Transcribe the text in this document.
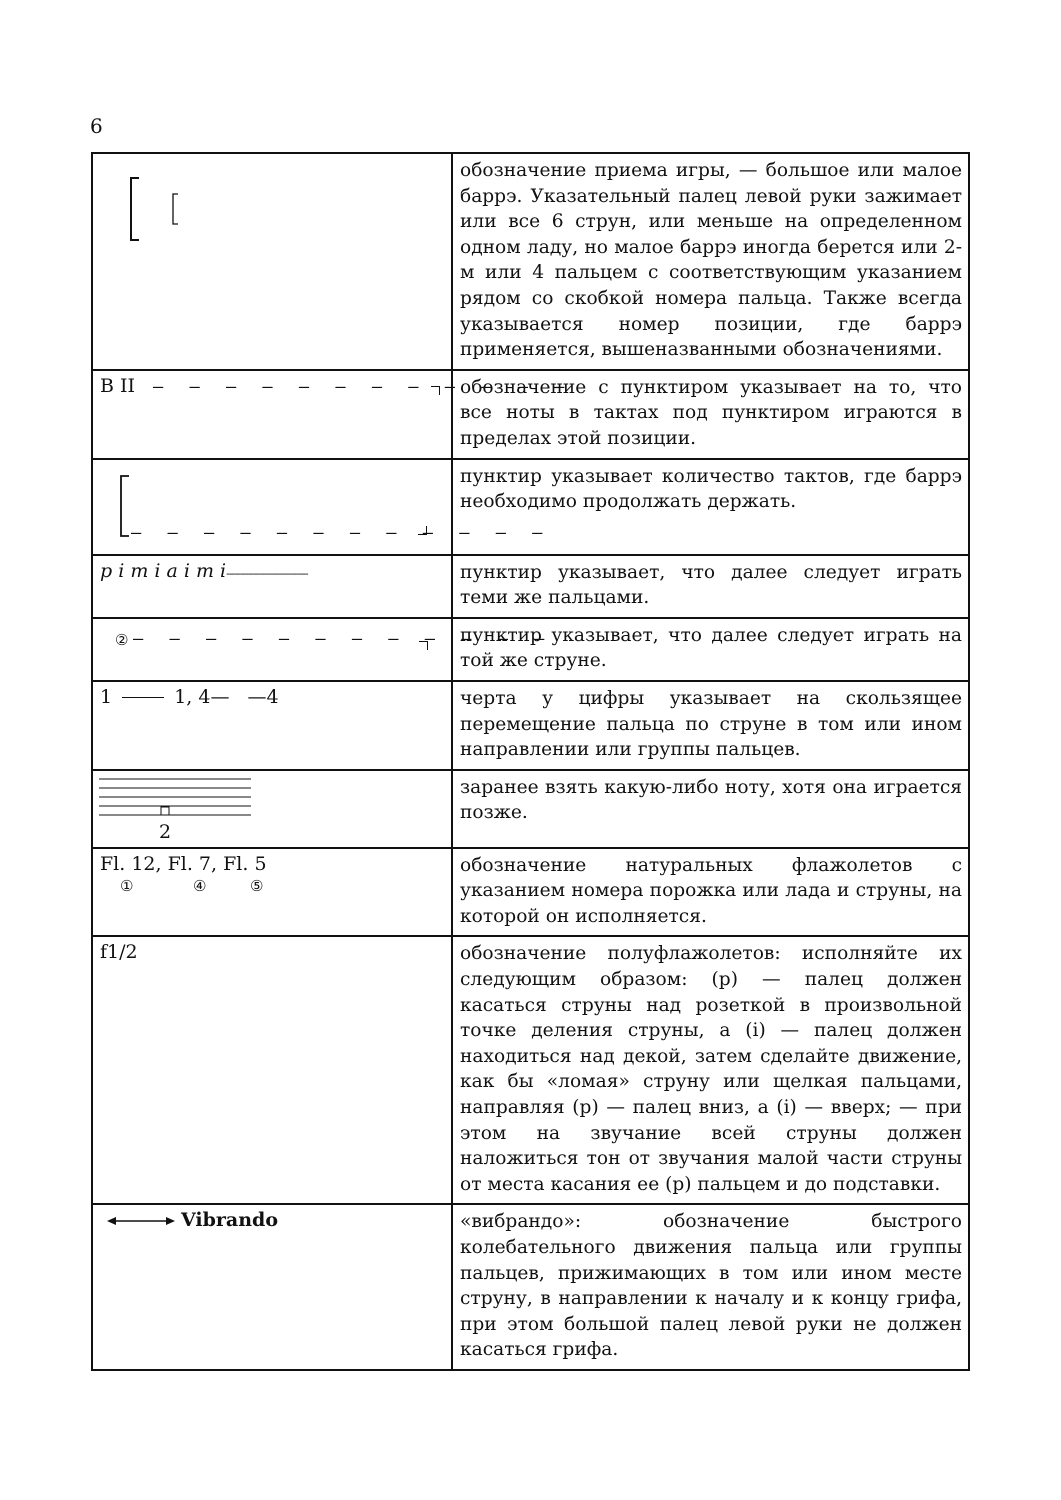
6
	обозначение приема игры, — большое или малое баррэ. Указательный палец левой руки зажимает или все 6 струн, или меньше на определенном одном ладу, но малое баррэ иногда берется или 2-м или 4 пальцем с соответствующим указанием рядом со скобкой номера пальца. Также всегда указывается номер позиции, где баррэ применяется, вышеназванными обозначениями.
B II – – – – – – – – – – – –	обозначение с пунктиром указывает на то, что все ноты в тактах под пунктиром играются в пределах этой позиции.

– – – – – – – – – – – –	пунктир указывает количество тактов, где баррэ необходимо продолжать держать.
p i m i a i m i------------------------------	пунктир указывает, что далее следует играть теми же пальцами.

② – – – – – – – – – – – –	пунктир указывает, что далее следует играть на той же струне.
1 1, 4— —4	черта у цифры указывает на скользящее перемещение пальца по струне в том или ином направлении или группы пальцев.

2	заранее взять какую-либо ноту, хотя она играется позже.

Fl. 12, Fl. 7, Fl. 5
① ④ ⑤	обозначение натуральных флажолетов с указанием номера порожка или лада и струны, на которой он исполняется.
f1/2	обозначение полуфлажолетов: исполняйте их следующим образом: (p) — палец должен касаться струны над розеткой в произвольной точке деления струны, а (i) — палец должен находиться над декой, затем сделайте движение, как бы «ломая» струну или щелкая пальцами, направляя (p) — палец вниз, а (i) — вверх; — при этом на звучание всей струны должен наложиться тон от звучания малой части струны от места касания ее (p) пальцем и до подставки.

Vibrando	«вибрандо»: обозначение быстрого колебательного движения пальца или группы пальцев, прижимающих в том или ином месте струну, в направлении к началу и к концу грифа, при этом большой палец левой руки не должен касаться грифа.
